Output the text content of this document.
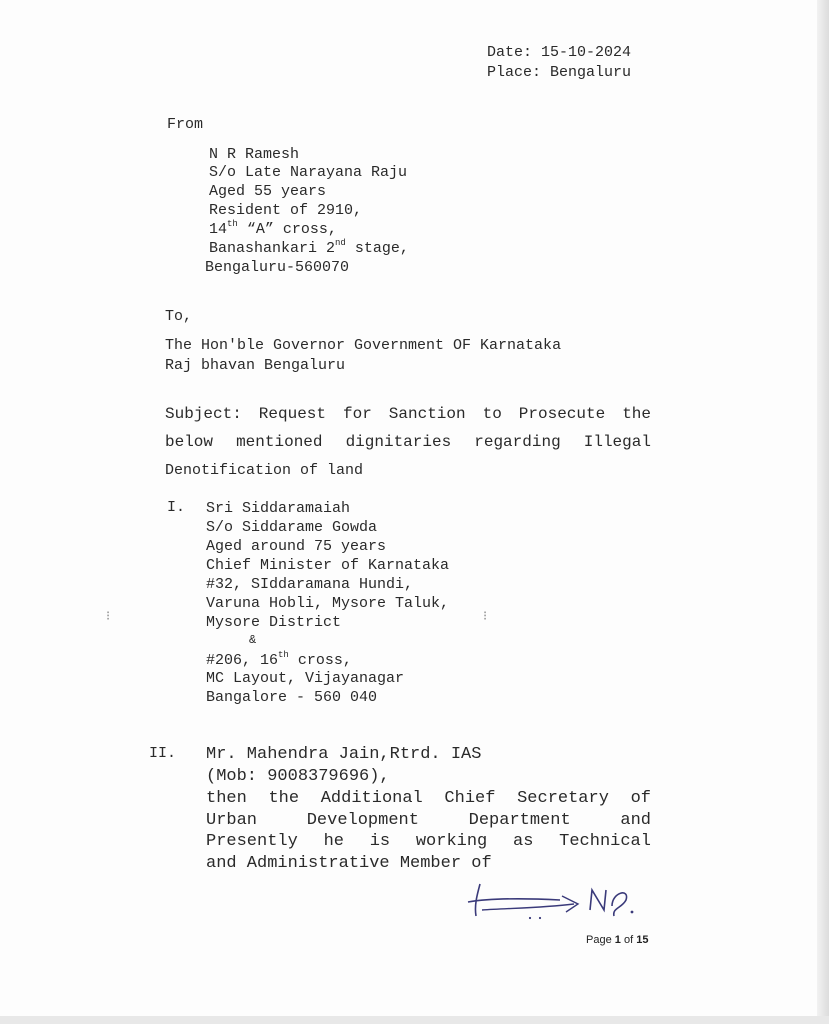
Date: 15-10-2024
Place: Bengaluru
From
N R Ramesh
S/o Late Narayana Raju
Aged 55 years
Resident of 2910,
14th “A” cross,
Banashankari 2nd stage,
Bengaluru-560070
To,
The Hon'ble Governor Government OF Karnataka
Raj bhavan Bengaluru
Subject: Request for Sanction to Prosecute the
below mentioned dignitaries regarding Illegal
Denotification of land
I. Sri Siddaramaiah
S/o Siddarame Gowda
Aged around 75 years
Chief Minister of Karnataka
#32, SIddaramana Hundi,
Varuna Hobli, Mysore Taluk,
Mysore District
&
#206, 16th cross,
MC Layout, Vijayanagar
Bangalore - 560 040
⁝	⁝
II. Mr. Mahendra Jain,Rtrd. IAS
(Mob: 9008379696),
then the Additional Chief Secretary of
Urban	Development	Department	and
Presently he is working as Technical
and Administrative Member of
Page 1 of 15
